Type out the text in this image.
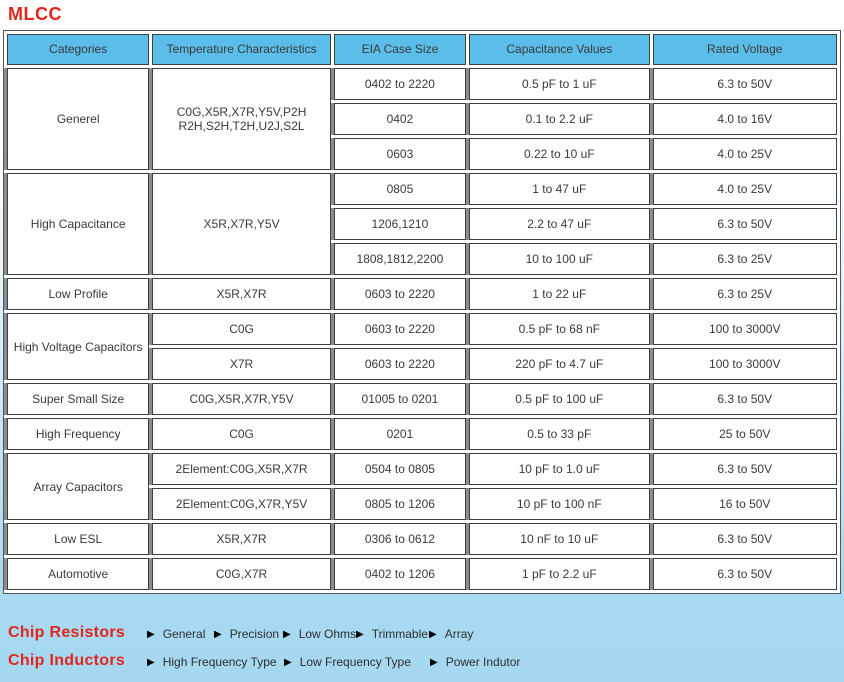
MLCC
Categories	Temperature Characteristics	EIA Case Size	Capacitance Values	Rated Voltage
Generel	C0G,X5R,X7R,Y5V,P2H R2H,S2H,T2H,U2J,S2L	0402 to 2220	0.5 pF to 1 uF	6.3 to 50V
		0402	0.1 to 2.2 uF	4.0 to 16V
		0603	0.22 to 10 uF	4.0 to 25V
High Capacitance	X5R,X7R,Y5V	0805	1 to 47 uF	4.0 to 25V
		1206,1210	2.2 to 47 uF	6.3 to 50V
		1808,1812,2200	10 to 100 uF	6.3 to 25V
Low Profile	X5R,X7R	0603 to 2220	1 to 22 uF	6.3 to 25V
High Voltage Capacitors	C0G	0603 to 2220	0.5 pF to 68 nF	100 to 3000V
	X7R	0603 to 2220	220 pF to 4.7 uF	100 to 3000V
Super Small Size	C0G,X5R,X7R,Y5V	01005 to 0201	0.5 pF to 100 uF	6.3 to 50V
High Frequency	C0G	0201	0.5 to 33 pF	25 to 50V
Array Capacitors	2Element:C0G,X5R,X7R	0504 to 0805	10 pF to 1.0 uF	6.3 to 50V
	2Element:C0G,X7R,Y5V	0805 to 1206	10 pF to 100 nF	16 to 50V
Low ESL	X5R,X7R	0306 to 0612	10 nF to 10 uF	6.3 to 50V
Automotive	C0G,X7R	0402 to 1206	1 pF to 2.2 uF	6.3 to 50V
Chip Resistors ▶ General ▶ Precision ▶ Low Ohms ▶ Trimmable ▶ Array
Chip Inductors ▶ High Frequency Type ▶ Low Frequency Type ▶ Power Indutor
